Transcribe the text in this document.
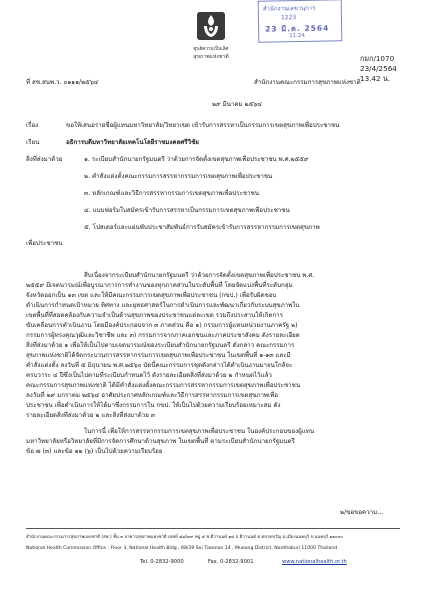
ศูนย์ความเป็นเลิศ
สุขภาพแห่งชาติ
สำนักงานเลขานุการ
1223
23 มี.ค. 2564
11.24
กมก/1070
23/4/2564
13.42 น.
ที่ สช.สนพ.ว. ๐๑๑๑/๒๕๖๔	สำนักงานคณะกรรมการสุขภาพแห่งชาติ
๒๙ มีนาคม ๒๕๖๔
เรื่อง	ขอให้เสนอรายชื่อผู้แทนมหาวิทยาลัย/วิทยาเขต เข้ารับการสรรหาเป็นกรรมการเขตสุขภาพเพื่อประชาชน
เรียน	อธิการบดีมหาวิทยาลัยเทคโนโลยีราชมงคลศรีวิชัย
สิ่งที่ส่งมาด้วย	๑. ระเบียบสำนักนายกรัฐมนตรี ว่าด้วยการจัดตั้งเขตสุขภาพเพื่อประชาชน พ.ศ.๒๕๕๙
๒. คำสั่งแต่งตั้งคณะกรรมการสรรหากรรมการเขตสุขภาพเพื่อประชาชน
๓. หลักเกณฑ์และวิธีการสรรหากรรมการเขตสุขภาพเพื่อประชาชน
๔. แบบฟอร์มใบสมัครเข้ารับการสรรหาเป็นกรรมการเขตสุขภาพเพื่อประชาชน
๕. โปสเตอร์และแผ่นพับประชาสัมพันธ์การรับสมัครเข้ารับการสรรหากรรมการเขตสุขภาพ
เพื่อประชาชน
สืบเนื่องจากระเบียบสำนักนายกรัฐมนตรี ว่าด้วยการจัดตั้งเขตสุขภาพเพื่อประชาชน พ.ศ.
๒๕๕๙ มีเจตนารมณ์เพื่อบูรณาการการทำงานของทุกภาคส่วนในระดับพื้นที่ โดยจัดแบ่งพื้นที่ระดับกลุ่ม
จังหวัดออกเป็น ๑๓ เขต และให้มีคณะกรรมการเขตสุขภาพเพื่อประชาชน (กขป.) เพื่อรับผิดชอบ
ดำเนินการกำหนดเป้าหมาย ทิศทาง และยุทธศาสตร์ในการดำเนินการและพัฒนาเกี่ยวกับระบบสุขภาพใน
เขตพื้นที่ที่สอดคล้องกับความจำเป็นด้านสุขภาพของประชาชนแต่ละเขต รวมถึงประสานให้เกิดการ
ขับเคลื่อนการดำเนินงาน โดยมีองค์ประกอบจาก ๓ ภาคส่วน คือ ๑) กรรมการผู้แทนหน่วยงานภาครัฐ ๒)
กรรมการผู้ทรงคุณวุฒิและวิชาชีพ และ ๓) กรรมการจากภาคเอกชนและภาคประชาสังคม ดังรายละเอียด
สิ่งที่ส่งมาด้วย ๑ เพื่อให้เป็นไปตามเจตนารมณ์ของระเบียบสำนักนายกรัฐมนตรี ดังกล่าว คณะกรรมการ
สุขภาพแห่งชาติได้จัดกระบวนการสรรหากรรมการเขตสุขภาพเพื่อประชาชน ในเขตพื้นที่ ๑-๑๓ และมี
คำสั่งแต่งตั้ง ลงวันที่ ๕ มิถุนายน พ.ศ.๒๕๖๐ บัดนี้คณะกรรมการชุดดังกล่าวได้ดำเนินงานมาจนใกล้จะ
ครบวาระ ๔ ปีซึ่งเป็นไปตามที่ระเบียบกำหนดไว้ ดังรายละเอียดสิ่งที่ส่งมาด้วย ๒ กำหนดไว้แล้ว
คณะกรรมการสุขภาพแห่งชาติ ได้มีคำสั่งแต่งตั้งคณะกรรมการสรรหากรรมการเขตสุขภาพเพื่อประชาชน
ลงวันที่ ๒๙ มกราคม ๒๕๖๔ อาศัยประกาศหลักเกณฑ์และวิธีการสรรหากรรมการเขตสุขภาพเพื่อ
ประชาชน เพื่อดำเนินการให้ได้มาซึ่งกรรมการใน กขป. ให้เป็นไปด้วยความเรียบร้อยเหมาะสม ดัง
รายละเอียดสิ่งที่ส่งมาด้วย ๒ และสิ่งที่ส่งมาด้วย ๓
ในการนี้ เพื่อให้การสรรหากรรมการเขตสุขภาพเพื่อประชาชน ในองค์ประกอบของผู้แทน
มหาวิทยาลัยหรือวิทยาลัยที่มีการจัดการศึกษาด้านสุขภาพ ในเขตพื้นที่ ตามระเบียบสำนักนายกรัฐมนตรี
ข้อ ๗ (๓) และข้อ ๑๒ (๖) เป็นไปด้วยความเรียบร้อย
๒/ขอขอความ...
สำนักงานคณะกรรมการสุขภาพแห่งชาติ (สช.) ชั้น ๓ อาคารสุขภาพแห่งชาติ เลขที่ ๘๘/๓๙ หมู่ ๔ ซ.ติวานนท์ ๑๔ ถ.ติวานนท์ ต.ตลาดขวัญ อ.เมืองนนทบุรี จ.นนทบุรี ๑๑๐๐๐
National Health Commission Office : Floor 3, National Health Bldg., 88/39 Soi Tiwanon 14 , Mueang District, Nonthaburi 11000 Thailand
Tel. 0-2832-9000	Fax. 0-2832-9001	www.nationalhealth.or.th
